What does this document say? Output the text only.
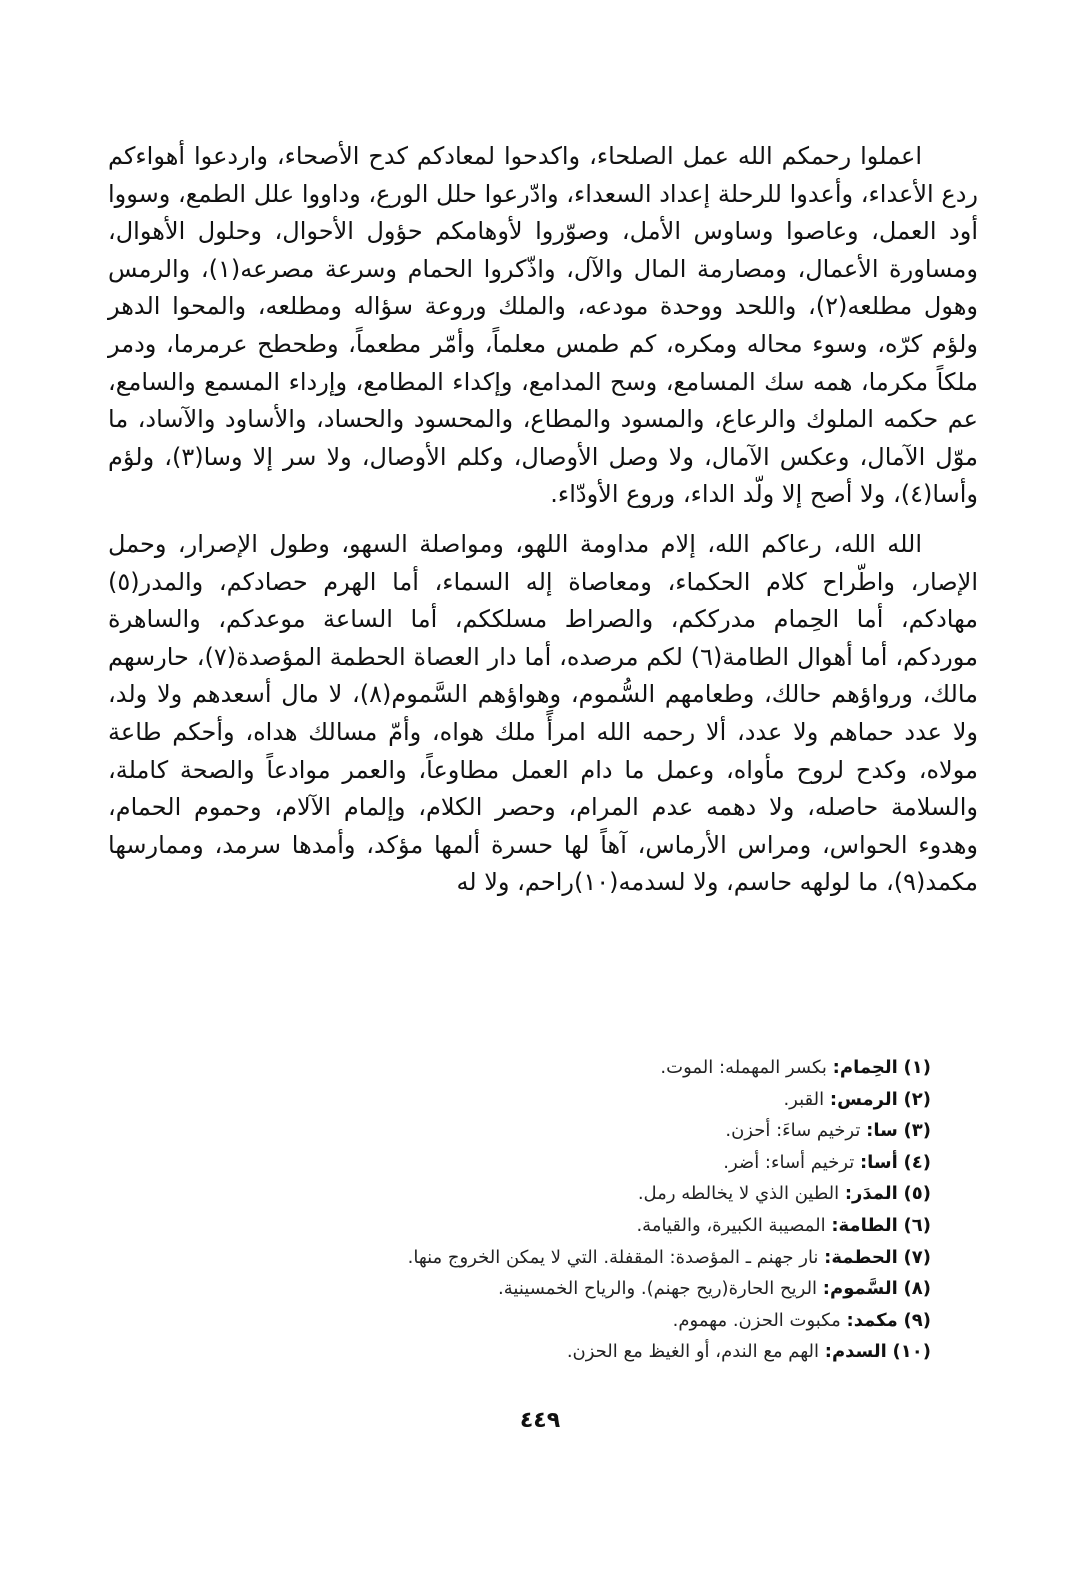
اعملوا رحمكم الله عمل الصلحاء، واكدحوا لمعادكم كدح الأصحاء، واردعوا أهواءكم ردع الأعداء، وأعدوا للرحلة إعداد السعداء، وادّرعوا حلل الورع، وداووا علل الطمع، وسووا أود العمل، وعاصوا وساوس الأمل، وصوّروا لأوهامكم حؤول الأحوال، وحلول الأهوال، ومساورة الأعمال، ومصارمة المال والآل، واذّكروا الحمام وسرعة مصرعه(١)، والرمس وهول مطلعه(٢)، واللحد ووحدة مودعه، والملك وروعة سؤاله ومطلعه، والمحوا الدهر ولؤم كرّه، وسوء محاله ومكره، كم طمس معلماً، وأمّر مطعماً، وطحطح عرمرما، ودمر ملكاً مكرما، همه سك المسامع، وسح المدامع، وإكداء المطامع، وإرداء المسمع والسامع، عم حكمه الملوك والرعاع، والمسود والمطاع، والمحسود والحساد، والأساود والآساد، ما موّل الآمال، وعكس الآمال، ولا وصل الأوصال، وكلم الأوصال، ولا سر إلا وسا(٣)، ولؤم وأسا(٤)، ولا أصح إلا ولّد الداء، وروع الأودّاء.

الله الله، رعاكم الله، إلام مداومة اللهو، ومواصلة السهو، وطول الإصرار، وحمل الإصار، واطّراح كلام الحكماء، ومعاصاة إله السماء، أما الهرم حصادكم، والمدر(٥) مهادكم، أما الحِمام مدرككم، والصراط مسلككم، أما الساعة موعدكم، والساهرة موردكم، أما أهوال الطامة(٦) لكم مرصده، أما دار العصاة الحطمة المؤصدة(٧)، حارسهم مالك، ورواؤهم حالك، وطعامهم السُّموم، وهواؤهم السَّموم(٨)، لا مال أسعدهم ولا ولد، ولا عدد حماهم ولا عدد، ألا رحمه الله امرأً ملك هواه، وأمّ مسالك هداه، وأحكم طاعة مولاه، وكدح لروح مأواه، وعمل ما دام العمل مطاوعاً، والعمر موادعاً والصحة كاملة، والسلامة حاصله، ولا دهمه عدم المرام، وحصر الكلام، وإلمام الآلام، وحموم الحمام، وهدوء الحواس، ومراس الأرماس، آهاً لها حسرة ألمها مؤكد، وأمدها سرمد، وممارسها مكمد(٩)، ما لولهه حاسم، ولا لسدمه(١٠)راحم، ولا له

(١) الحِمام: بكسر المهمله: الموت.
(٢) الرمس: القبر.
(٣) سا: ترخيم ساءَ: أحزن.
(٤) أسا: ترخيم أساء: أضر.
(٥) المدَر: الطين الذي لا يخالطه رمل.
(٦) الطامة: المصيبة الكبيرة، والقيامة.
(٧) الحطمة: نار جهنم ـ المؤصدة: المقفلة. التي لا يمكن الخروج منها.
(٨) السَّموم: الريح الحارة(ريح جهنم). والرياح الخمسينية.
(٩) مكمد: مكبوت الحزن. مهموم.
(١٠) السدم: الهم مع الندم، أو الغيظ مع الحزن.
٤٤٩
